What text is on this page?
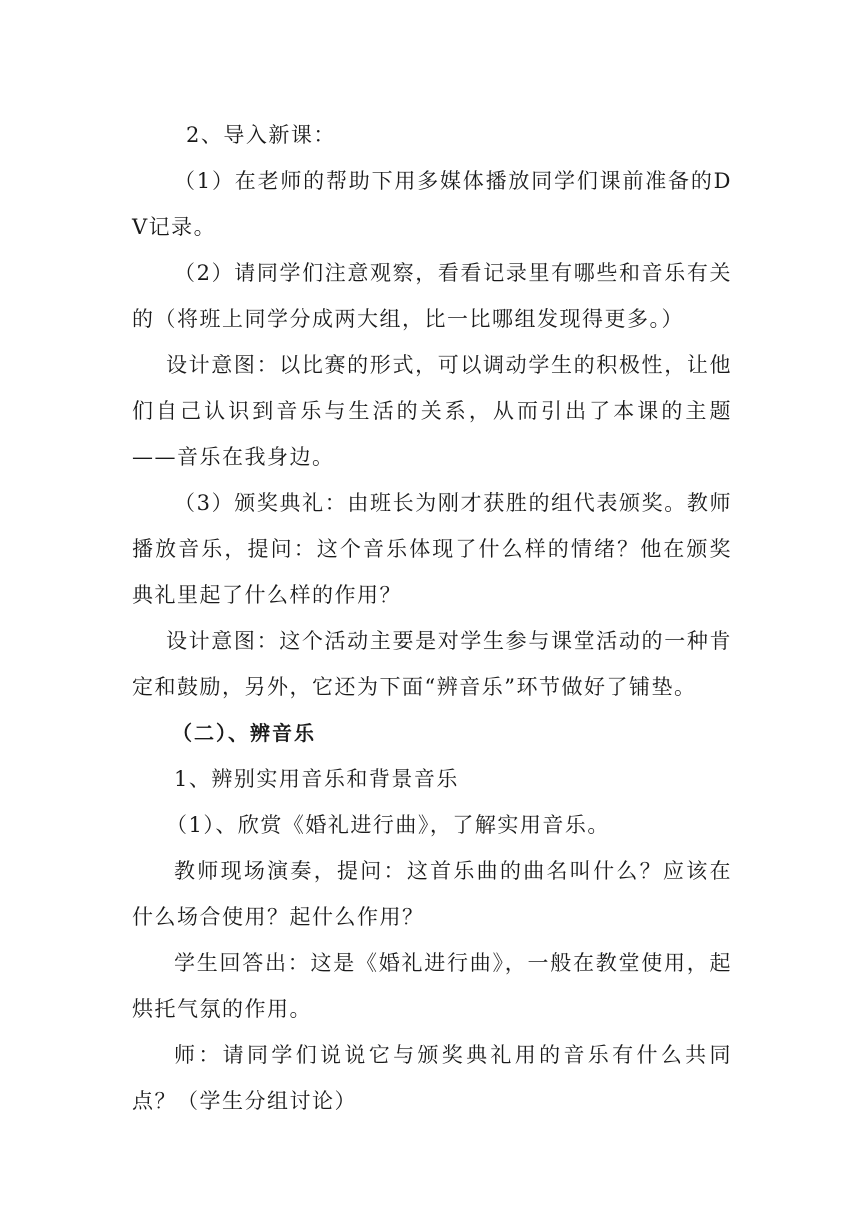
2、导入新课：

（1）在老师的帮助下用多媒体播放同学们课前准备的DV记录。

（2）请同学们注意观察，看看记录里有哪些和音乐有关的（将班上同学分成两大组，比一比哪组发现得更多。）

设计意图：以比赛的形式，可以调动学生的积极性，让他们自己认识到音乐与生活的关系，从而引出了本课的主题——音乐在我身边。

（3）颁奖典礼：由班长为刚才获胜的组代表颁奖。教师播放音乐，提问：这个音乐体现了什么样的情绪？他在颁奖典礼里起了什么样的作用？

设计意图：这个活动主要是对学生参与课堂活动的一种肯定和鼓励，另外，它还为下面“辨音乐”环节做好了铺垫。

（二）、辨音乐

1、辨别实用音乐和背景音乐

（1）、欣赏《婚礼进行曲》，了解实用音乐。

教师现场演奏，提问：这首乐曲的曲名叫什么？应该在什么场合使用？起什么作用？

学生回答出：这是《婚礼进行曲》，一般在教堂使用，起烘托气氛的作用。

师：请同学们说说它与颁奖典礼用的音乐有什么共同点？（学生分组讨论）
